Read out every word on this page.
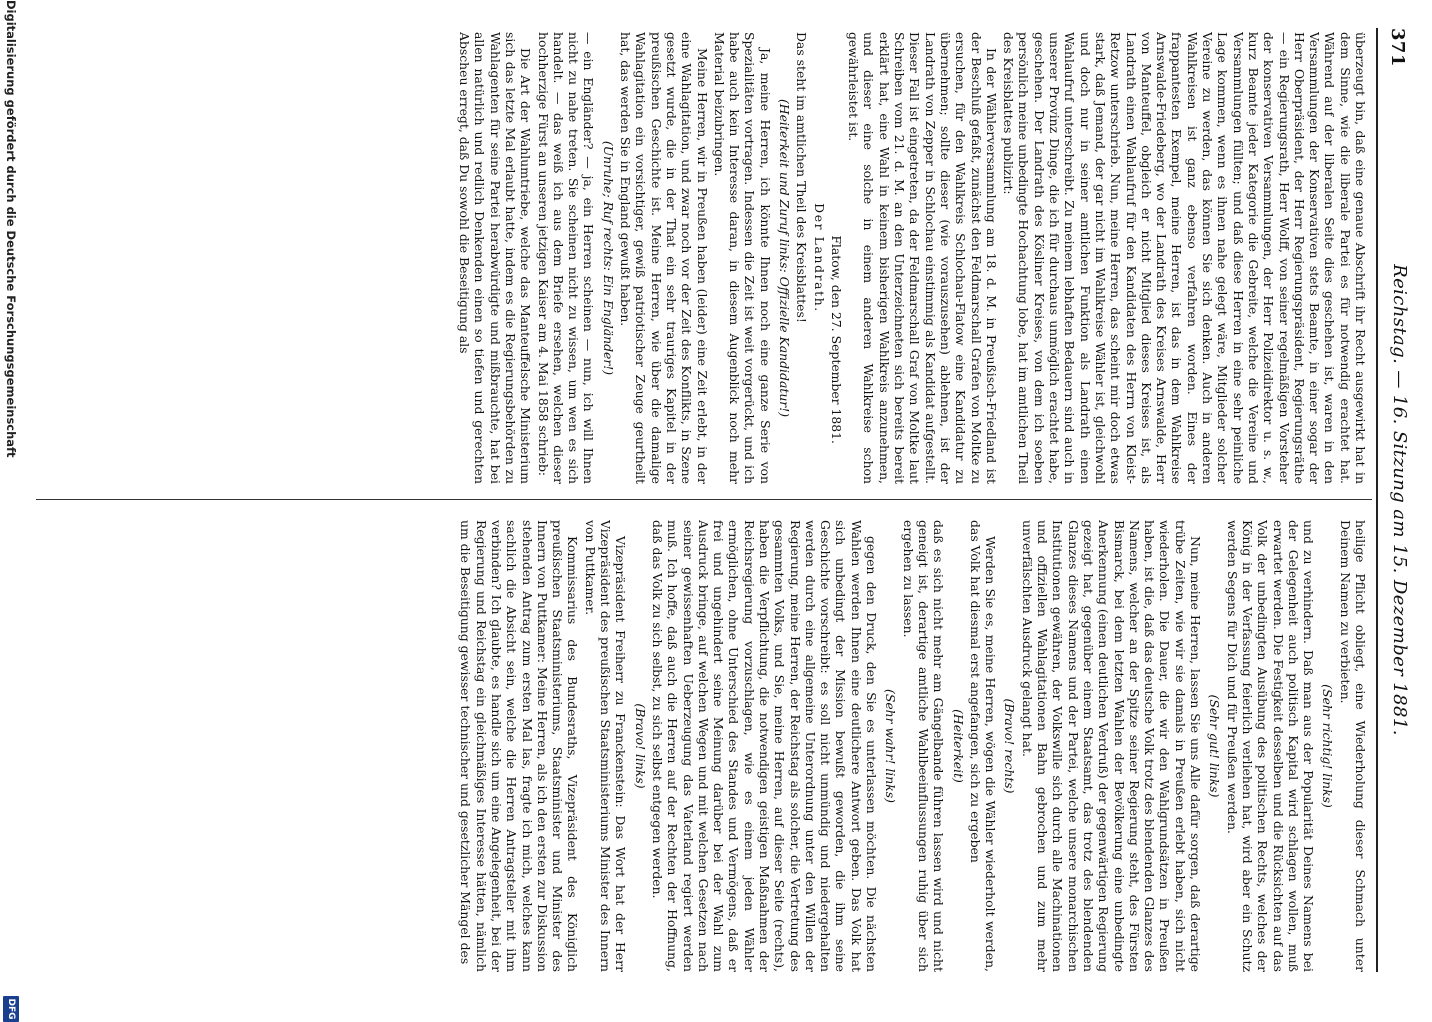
371
Reichstag. — 16. Sitzung am 15. Dezember 1881.

überzeugt bin, daß eine genaue Abschrift ihr Recht ausgewirkt hat in dem Sinne, wie die liberale Partei es für notwendig erachtet hat. Während auf der liberalen Seite dies geschehen ist, waren in den Versammlungen der Konservativen stets Beamte, in einer sogar der Herr Oberpräsident, der Herr Regierungspräsident, Regierungsräthe — ein Regierungsrath, Herr Wolff, von seiner regelmäßigen Vorsteher der konservativen Versammlungen, der Herr Polizeidirektor u. s. w., kurz Beamte jeder Kategorie die Gebreite, welche die Vereine und Versammlungen füllten; und daß diese Herren in eine sehr peinliche Lage kommen, wenn es ihnen nahe gelegt wäre, Mitglieder solcher Vereine zu werden, das können Sie sich denken. Auch in anderen Wahlkreisen ist ganz ebenso verfahren worden. Eines der frappantesten Exempel, meine Herren, ist das in dem Wahlkreise Arnswalde-Friedeberg, wo der Landrath des Kreises Arnswalde, Herr von Manteuffel, obgleich er nicht Mitglied dieses Kreises ist, als Landrath einen Wahlaufruf für den Kandidaten des Herrn von Kleist-Retzow unterschrieb. Nun, meine Herren, das scheint mir doch etwas stark, daß Jemand, der gar nicht im Wahlkreise Wähler ist, gleichwohl und doch nur in seiner amtlichen Funktion als Landrath einen Wahlaufruf unterschreibt. Zu meinem lebhaften Bedauern sind auch in unserer Provinz Dinge, die ich für durchaus unmöglich erachtet habe, geschehen. Der Landrath des Kösliner Kreises, von dem ich soeben persönlich meine unbedingte Hochachtung lobe, hat im amtlichen Theil des Kreisblattes publizirt:

In der Wählerversammlung am 18. d. M. in Preußisch-Friedland ist der Beschluß gefaßt, zunächst den Feldmarschall Grafen von Moltke zu ersuchen, für den Wahlkreis Schlochau-Flatow eine Kandidatur zu übernehmen; sollte dieser (wie vorauszusehen) ablehnen, ist der Landrath von Zepper in Schlochau einstimmig als Kandidat aufgestellt. Dieser Fall ist eingetreten, da der Feldmarschall Graf von Moltke laut Schreiben vom 21. d. M. an den Unterzeichneten sich bereits bereit erklärt hat, eine Wahl in keinem bisherigen Wahlkreis anzunehmen, und dieser eine solche in einem anderen Wahlkreise schon gewährleistet ist.

Flatow, den 27. September 1881.

Der Landrath.

Das steht im amtlichen Theil des Kreisblattes!

(Heiterkeit und Zuruf links: Offizielle Kandidatur!)

Ja, meine Herren, ich könnte Ihnen noch eine ganze Serie von Spezialitäten vortragen. Indessen die Zeit ist weit vorgerückt, und ich habe auch kein Interesse daran, in diesem Augenblick noch mehr Material beizubringen.

Meine Herren, wir in Preußen haben (leider) eine Zeit erlebt, in der eine Wahlagitation, und zwar noch vor der Zeit des Konflikts, in Szene gesetzt wurde, die in der That ein sehr trauriges Kapitel in der preußischen Geschichte ist. Meine Herren, wie über die damalige Wahlagitation ein vorsichtiger, gewiß patriotischer Zeuge geurtheilt hat, das werden Sie in England gewußt haben.

(Unruhe; Ruf rechts: Ein Engländer!)

— ein Engländer? — ja, ein Herren scheinen — nun, ich will Ihnen nicht zu nahe treten. Sie scheinen nicht zu wissen, um wen es sich handelt. — das weiß ich aus dem Briefe ersehen, welchen dieser hochherzige Fürst an unseren jetzigen Kaiser am 4. Mai 1858 schrieb:

Die Art der Wahlumtriebe, welche das Manteuffelsche Ministerium sich das letzte Mal erlaubt hatte, indem es die Regierungsbehörden zu Wahlagenten für seine Partei herabwürdigte und mißbrauchte, hat bei allen natürlich und redlich Denkenden einen so tiefen und gerechten Abscheu erregt, daß Du sowohl die Beseitigung als

heilige Pflicht obliegt, eine Wiederholung dieser Schmach unter Deinem Namen zu verbieten.

(Sehr richtig! links)

und zu verhindern. Daß man aus der Popularität Deines Namens bei der Gelegenheit auch politisch Kapital wird schlagen wollen, muß erwartet werden. Die Festigkeit desselben und die Rücksichten auf das Volk der unbedingten Ausübung des politischen Rechts, welches der König in der Verfassung feierlich verliehen hat, wird aber ein Schutz werden Segens für Dich und für Preußen werden.

(Sehr gut! links)

Nun, meine Herren, lassen Sie uns Alle dafür sorgen, daß derartige trübe Zeiten, wie wir sie damals in Preußen erlebt haben, sich nicht wiederholen. Die Dauer, die wir den Wahlgrundsätzen in Preußen haben, ist die, daß das deutsche Volk trotz des blendenden Glanzes des Namens, welcher an der Spitze seiner Regierung steht, des Fürsten Bismarck, bei dem letzten Wahlen der Bevölkerung eine unbedingte Anerkennung (einen deutlichen Verdruß) der gegenwärtigen Regierung gezeigt hat, gegenüber einem Staatsamt, das trotz des blendenden Glanzes dieses Namens und der Partei, welche unsere monarchischen Institutionen gewähren, der Volkswille sich durch alle Machinationen und offiziellen Wahlagitationen Bahn gebrochen und zum mehr unverfälschten Ausdruck gelangt hat.

(Bravo! rechts)

Werden Sie es, meine Herren, wögen die Wähler wiederholt werden, das Volk hat diesmal erst angefangen, sich zu ergeben

(Heiterkeit)

daß es sich nicht mehr am Gängelbande führen lassen wird und nicht geneigt ist, derartige amtliche Wahlbeeinflussungen ruhig über sich ergehen zu lassen.

(Sehr wahr! links)

gegen den Druck, den Sie es unterlassen möchten. Die nächsten Wahlen werden Ihnen eine deutlichere Antwort geben. Das Volk hat sich unbedingt der Mission bewußt geworden, die ihm seine Geschichte vorschreibt: es soll nicht unmündig und niedergehalten werden durch eine allgemeine Unterordnung unter den Willen der Regierung, meine Herren, der Reichstag als solcher, die Vertretung des gesammten Volks, und Sie, meine Herren, auf dieser Seite (rechts), haben die Verpflichtung, die notwendigen geistigen Maßnahmen der Reichsregierung vorzuschlagen, wie es einem jeden Wähler ermöglichen, ohne Unterschied des Standes und Vermögens, daß er frei und ungehindert seine Meinung darüber bei der Wahl zum Ausdruck bringe, auf welchen Wegen und mit welchen Gesetzen nach seiner gewissenhaften Ueberzeugung das Vaterland regiert werden muß. Ich hoffe, daß auch die Herren auf der Rechten der Hoffnung, daß das Volk zu sich selbst, zu sich selbst entgegen werden.

(Bravo! links)

Vizepräsident Freiherr zu Franckenstein: Das Wort hat der Herr Vizepräsident des preußischen Staatsministeriums Minister des Innern von Puttkamer.

Kommissarius des Bundesraths, Vizepräsident des Königlich preußischen Staatsministeriums, Staatsminister und Minister des Innern von Puttkamer: Meine Herren, als ich den ersten zur Diskussion stehenden Antrag zum ersten Mal las, fragte ich mich, welches kann sachlich die Absicht sein, welche die Herren Antragsteller mit ihm verbinden? Ich glaubte, es handle sich um eine Angelegenheit, bei der Regierung und Reichstag ein gleichmäßiges Interesse hätten, nämlich um die Beseitigung gewisser technischer und gesetzlicher Mängel des

Digitalisierung gefördert durch die Deutsche Forschungsgemeinschaft
DFG
